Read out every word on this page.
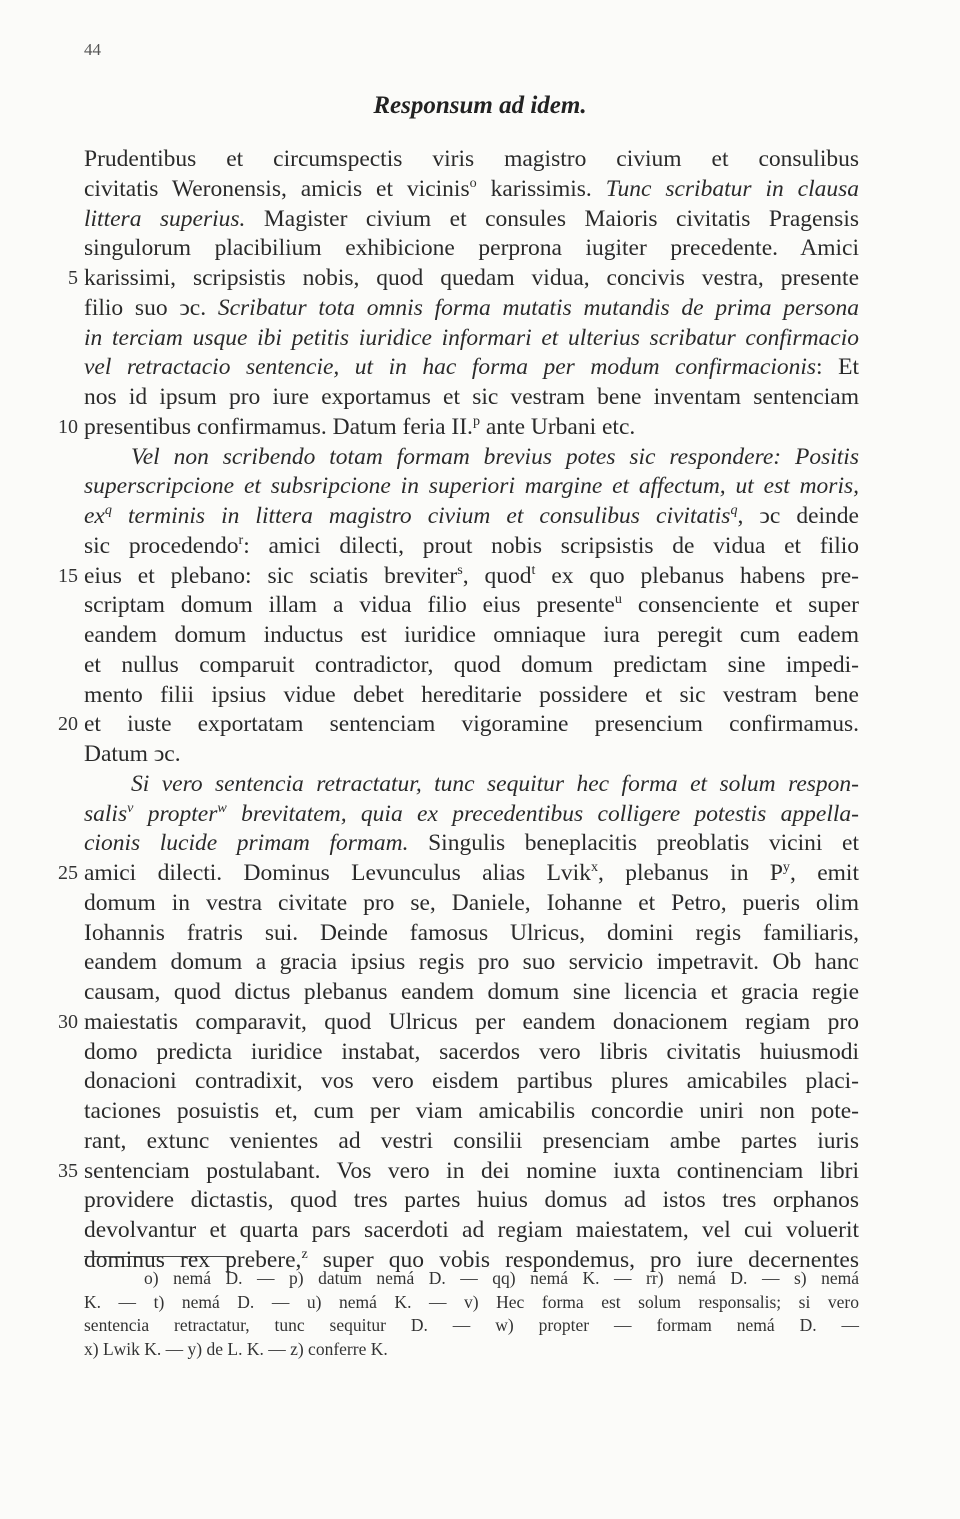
44
Responsum ad idem.
Prudentibus et circumspectis viris magistro civium et consulibus
civitatis Weronensis, amicis et vicinis$^o$ karissimis. Tunc scribatur in clausa
littera superius. Magister civium et consules Maioris civitatis Pragensis
singulorum placibilium exhibicione perprona iugiter precedente. Amici
karissimi, scripsistis nobis, quod quedam vidua, concivis vestra, presente
filio suo ͻc. Scribatur tota omnis forma mutatis mutandis de prima persona
in terciam usque ibi petitis iuridice informari et ulterius scribatur confirmacio
vel retractacio sentencie, ut in hac forma per modum confirmacionis: Et
nos id ipsum pro iure exportamus et sic vestram bene inventam sentenciam
presentibus confirmamus. Datum feria II.$^p$ ante Urbani etc.
Vel non scribendo totam formam brevius potes sic respondere: Positis
superscripcione et subsripcione in superiori margine et affectum, ut est moris,
$ex^q$ terminis in littera magistro civium et consulibus civitatis$^q$, ͻc deinde
sic procedendo$^r$: amici dilecti, prout nobis scripsistis de vidua et filio
eius et plebano: sic sciatis breviter$^s$, quod$^t$ ex quo plebanus habens pre-
scriptam domum illam a vidua filio eius presente$^u$ consenciente et super
eandem domum inductus est iuridice omniaque iura peregit cum eadem
et nullus comparuit contradictor, quod domum predictam sine impedi-
mento filii ipsius vidue debet hereditarie possidere et sic vestram bene
et iuste exportatam sentenciam vigoramine presencium confirmamus.
Datum ͻc.
Si vero sentencia retractatur, tunc sequitur hec forma et solum respon-
salis$^v$ propter$^w$ brevitatem, quia ex precedentibus colligere potestis appella-
cionis lucide primam formam. Singulis beneplacitis preoblatis vicini et
amici dilecti. Dominus Levunculus alias Lvik$^x$, plebanus in $P^y$, emit
domum in vestra civitate pro se, Daniele, Iohanne et Petro, pueris olim
Iohannis fratris sui. Deinde famosus Ulricus, domini regis familiaris,
eandem domum a gracia ipsius regis pro suo servicio impetravit. Ob hanc
causam, quod dictus plebanus eandem domum sine licencia et gracia regie
maiestatis comparavit, quod Ulricus per eandem donacionem regiam pro
domo predicta iuridice instabat, sacerdos vero libris civitatis huiusmodi
donacioni contradixit, vos vero eisdem partibus plures amicabiles placi-
taciones posuistis et, cum per viam amicabilis concordie uniri non pote-
rant, extunc venientes ad vestri consilii presenciam ambe partes iuris
sentenciam postulabant. Vos vero in dei nomine iuxta continenciam libri
providere dictastis, quod tres partes huius domus ad istos tres orphanos
devolvantur et quarta pars sacerdoti ad regiam maiestatem, vel cui voluerit
dominus rex prebere,$^z$ super quo vobis respondemus, pro iure decernentes
5
10
15
20
25
30
35
o) nemá D. — p) datum nemá D. — qq) nemá K. — rr) nemá D. — s) nemá
K. — t) nemá D. — u) nemá K. — v) Hec forma est solum responsalis; si vero
sentencia retractatur, tunc sequitur D. — w) propter — formam nemá D. —
x) Lwik K. — y) de L. K. — z) conferre K.
